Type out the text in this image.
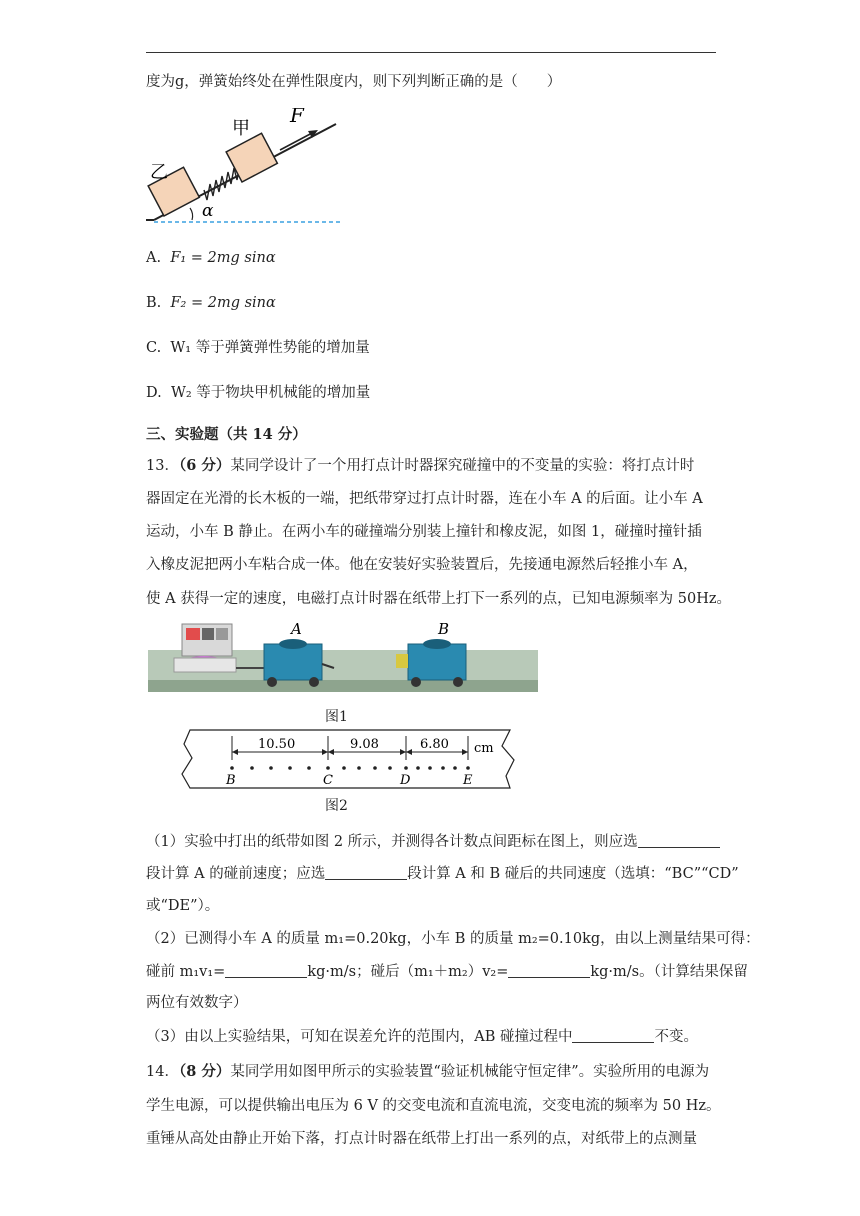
度为g，弹簧始终处在弹性限度内，则下列判断正确的是（　　）
甲
乙
F
α
A. F₁ = 2mg sinα
B. F₂ = 2mg sinα
C. W₁ 等于弹簧弹性势能的增加量
D. W₂ 等于物块甲机械能的增加量
三、实验题（共 14 分）
13．（6 分）某同学设计了一个用打点计时器探究碰撞中的不变量的实验：将打点计时
器固定在光滑的长木板的一端，把纸带穿过打点计时器，连在小车 A 的后面。让小车 A
运动，小车 B 静止。在两小车的碰撞端分别装上撞针和橡皮泥，如图 1，碰撞时撞针插
入橡皮泥把两小车粘合成一体。他在安装好实验装置后，先接通电源然后轻推小车 A，
使 A 获得一定的速度，电磁打点计时器在纸带上打下一系列的点，已知电源频率为 50Hz。
A	B
图1
10.50	9.08	6.80 cm
B	C	D	E
图2
（1）实验中打出的纸带如图 2 所示，并测得各计数点间距标在图上，则应选
段计算 A 的碰前速度；应选	段计算 A 和 B 碰后的共同速度（选填：“BC”“CD”
或“DE”）。
（2）已测得小车 A 的质量 m₁=0.20kg，小车 B 的质量 m₂=0.10kg，由以上测量结果可得：
碰前 m₁v₁=	kg·m/s；碰后（m₁＋m₂）v₂=	kg·m/s。（计算结果保留
两位有效数字）
（3）由以上实验结果，可知在误差允许的范围内，AB 碰撞过程中	不变。
14．（8 分）某同学用如图甲所示的实验装置“验证机械能守恒定律”。实验所用的电源为
学生电源，可以提供输出电压为 6 V 的交变电流和直流电流，交变电流的频率为 50 Hz。
重锤从高处由静止开始下落，打点计时器在纸带上打出一系列的点，对纸带上的点测量
